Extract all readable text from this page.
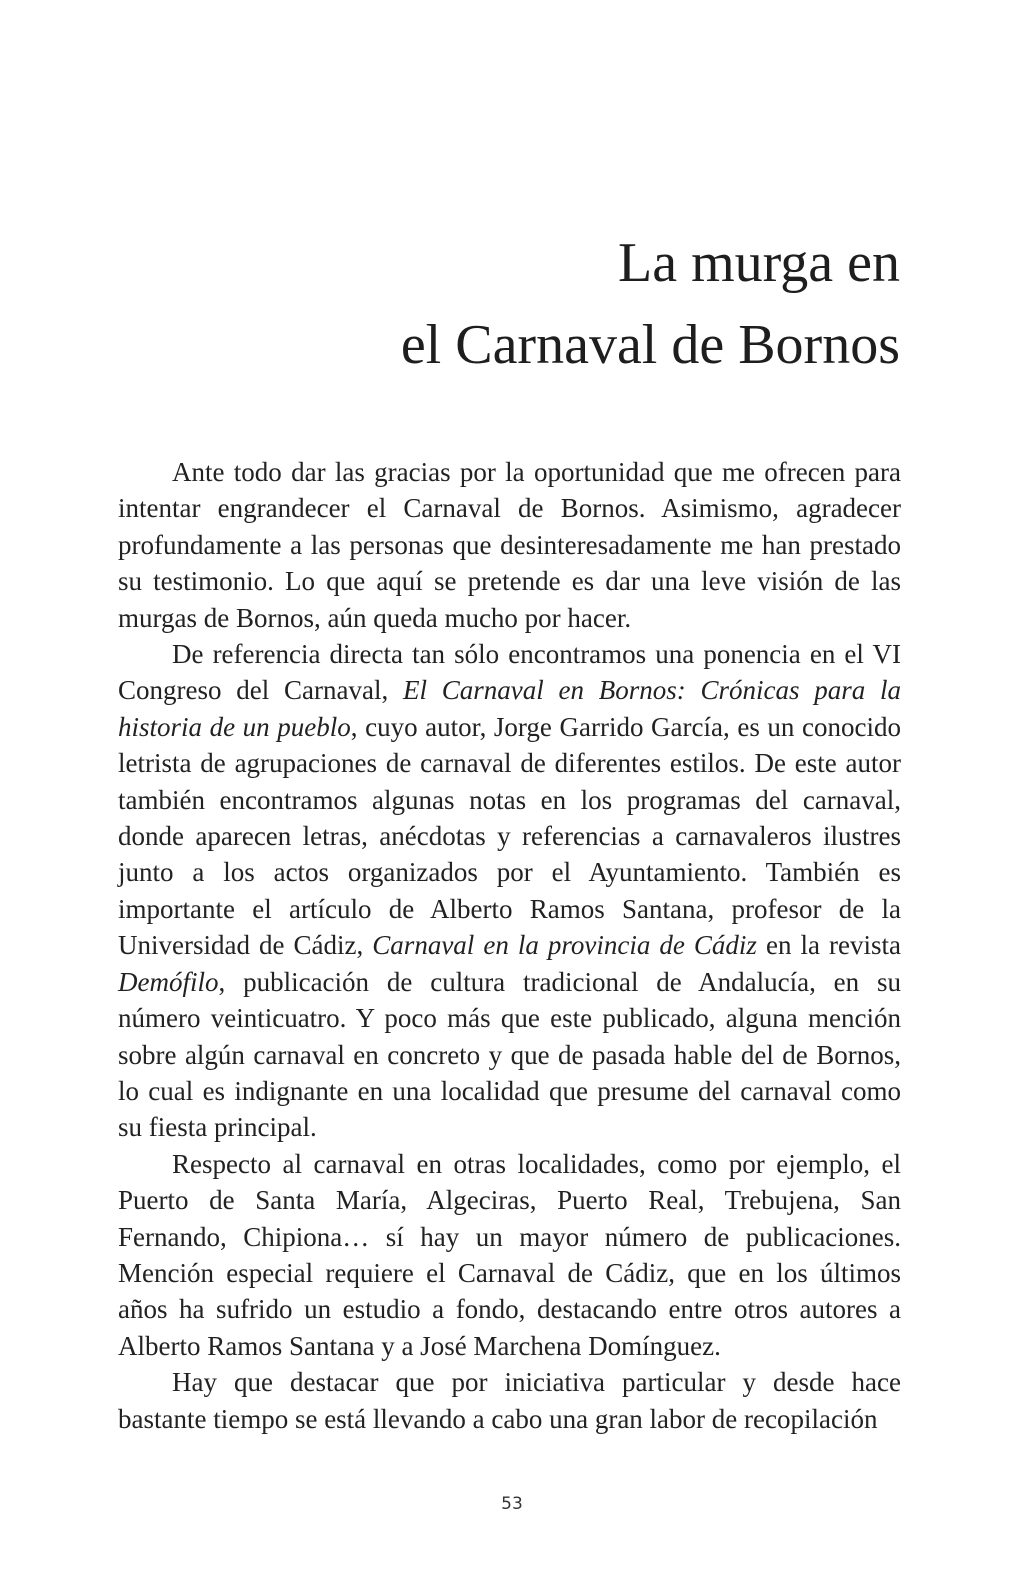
La murga en
el Carnaval de Bornos

Ante todo dar las gracias por la oportunidad que me ofrecen para intentar engrandecer el Carnaval de Bornos. Asimismo, agradecer profundamente a las personas que desinteresadamente me han prestado su testimonio. Lo que aquí se pretende es dar una leve visión de las murgas de Bornos, aún queda mucho por hacer.

De referencia directa tan sólo encontramos una ponencia en el VI Congreso del Carnaval, El Carnaval en Bornos: Crónicas para la historia de un pueblo, cuyo autor, Jorge Garrido García, es un conocido letrista de agrupaciones de carnaval de diferentes estilos. De este autor también encontramos algunas notas en los programas del carnaval, donde aparecen letras, anécdotas y referencias a carnavaleros ilustres junto a los actos organizados por el Ayuntamiento. También es importante el artículo de Alberto Ramos Santana, profesor de la Universidad de Cádiz, Carnaval en la provincia de Cádiz en la revista Demófilo, publicación de cultura tradicional de Andalucía, en su número veinticuatro. Y poco más que este publicado, alguna mención sobre algún carnaval en concreto y que de pasada hable del de Bornos, lo cual es indignante en una localidad que presume del carnaval como su fiesta principal.

Respecto al carnaval en otras localidades, como por ejemplo, el Puerto de Santa María, Algeciras, Puerto Real, Trebujena, San Fernando, Chipiona… sí hay un mayor número de publicaciones. Mención especial requiere el Carnaval de Cádiz, que en los últimos años ha sufrido un estudio a fondo, destacando entre otros autores a Alberto Ramos Santana y a José Marchena Domínguez.

Hay que destacar que por iniciativa particular y desde hace bastante tiempo se está llevando a cabo una gran labor de recopilación

53
